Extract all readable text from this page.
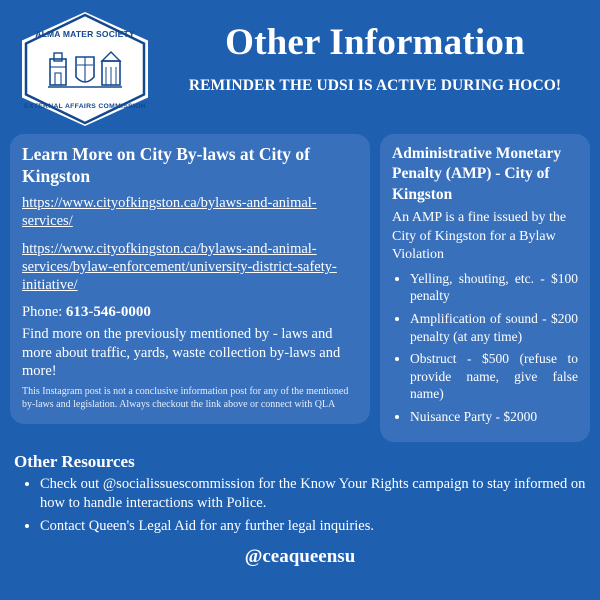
ALMA MATER SOCIETY
EXTERNAL AFFAIRS COMMISSION
Other Information

REMINDER THE UDSI IS ACTIVE DURING HOCO!

Learn More on City By-laws at City of Kingston
https://www.cityofkingston.ca/bylaws-and-animal-services/
https://www.cityofkingston.ca/bylaws-and-animal-services/bylaw-enforcement/university-district-safety-initiative/
Phone: 613-546-0000

Find more on the previously mentioned by - laws and more about traffic, yards, waste collection by-laws and more!

This Instagram post is not a conclusive information post for any of the mentioned by-laws and legislation. Always checkout the link above or connect with QLA

Administrative Monetary Penalty (AMP) - City of Kingston

An AMP is a fine issued by the City of Kingston for a Bylaw Violation

• Yelling, shouting, etc. - $100 penalty
• Amplification of sound - $200 penalty (at any time)
• Obstruct - $500 (refuse to provide name, give false name)
• Nuisance Party - $2000
Other Resources
• Check out @socialissuescommission for the Know Your Rights campaign to stay informed on how to handle interactions with Police.
• Contact Queen's Legal Aid for any further legal inquiries.
@ceaqueensu
